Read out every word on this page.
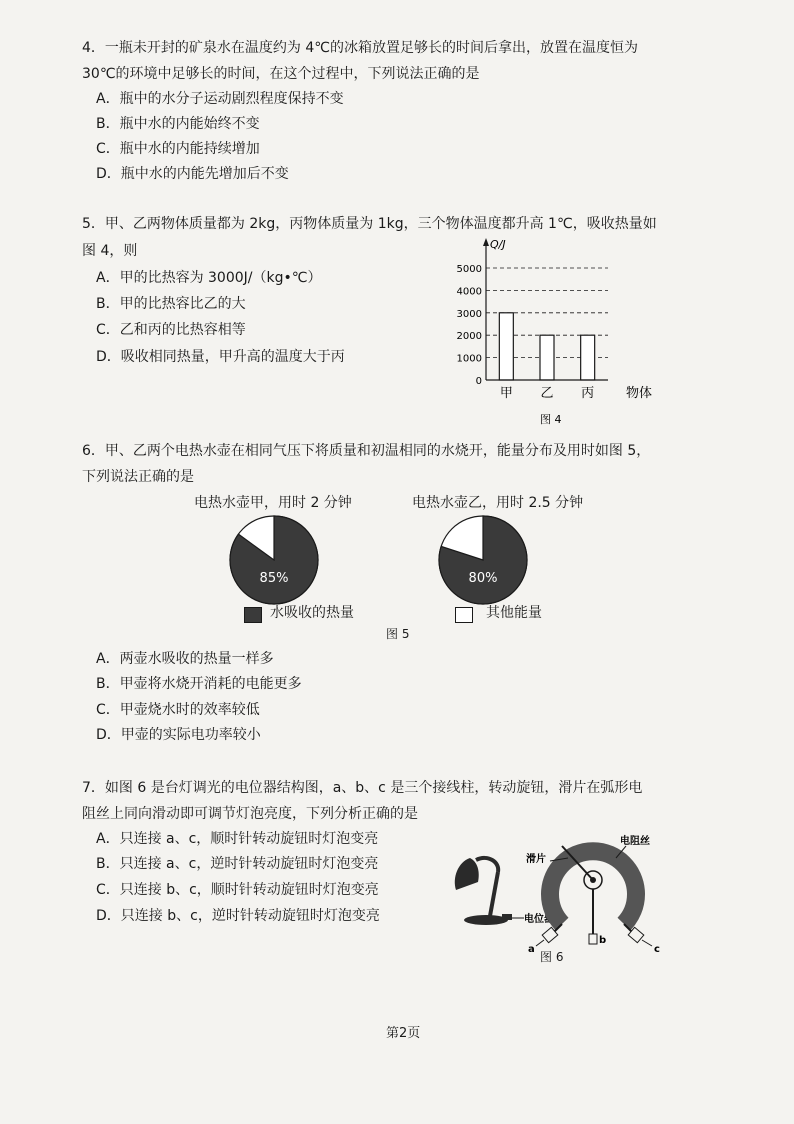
4．一瓶未开封的矿泉水在温度约为 4℃的冰箱放置足够长的时间后拿出，放置在温度恒为
30℃的环境中足够长的时间，在这个过程中，下列说法正确的是
A．瓶中的水分子运动剧烈程度保持不变
B．瓶中水的内能始终不变
C．瓶中水的内能持续增加
D．瓶中水的内能先增加后不变
5．甲、乙两物体质量都为 2kg，丙物体质量为 1kg，三个物体温度都升高 1℃，吸收热量如
图 4，则
A．甲的比热容为 3000J/（kg•℃）
B．甲的比热容比乙的大
C．乙和丙的比热容相等
D．吸收相同热量，甲升高的温度大于丙
0
1000
2000
3000
4000
5000
甲 乙 丙
Q/J
物体
图 4
6．甲、乙两个电热水壶在相同气压下将质量和初温相同的水烧开，能量分布及用时如图 5，
下列说法正确的是
电热水壶甲，用时 2 分钟	电热水壶乙，用时 2.5 分钟
85%	80%
水吸收的热量	其他能量
图 5
A．两壶水吸收的热量一样多
B．甲壶将水烧开消耗的电能更多
C．甲壶烧水时的效率较低
D．甲壶的实际电功率较小
7．如图 6 是台灯调光的电位器结构图，a、b、c 是三个接线柱，转动旋钮，滑片在弧形电
阻丝上同向滑动即可调节灯泡亮度，下列分析正确的是
A．只连接 a、c，顺时针转动旋钮时灯泡变亮
B．只连接 a、c，逆时针转动旋钮时灯泡变亮
C．只连接 b、c，顺时针转动旋钮时灯泡变亮
D．只连接 b、c，逆时针转动旋钮时灯泡变亮	电位器
电阻丝
滑片
a
b
c
图 6
第2页
